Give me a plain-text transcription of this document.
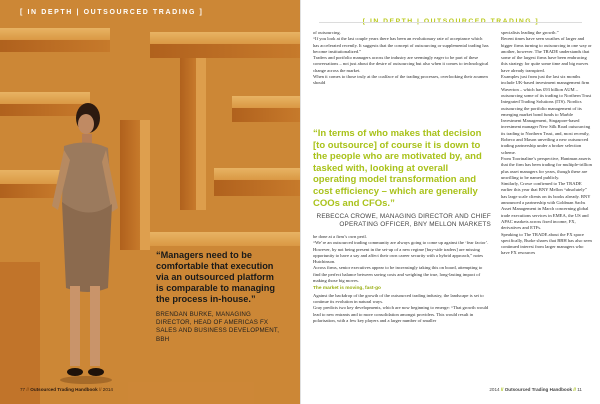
[ IN DEPTH | OUTSOURCED TRADING ]
“Managers need to be comfortable that execution via an outsourced platform is comparable to managing the process in-house.”
BRENDAN BURKE, MANAGING DIRECTOR, HEAD OF AMERICAS FX SALES AND BUSINESS DEVELOPMENT, BBH
77 // Outsourced Trading Handbook // 2014

of outsourcing.

“If you look at the last couple years there has been an evolutionary rate of acceptance which has accelerated recently. It suggests that the concept of outsourcing or supplemental trading has become institutionalized.”

Traders and portfolio managers across the industry are seemingly eager to be part of these conversations – not just about the desire of outsourcing but also when it comes to technological change across the market.

When it comes to those truly at the coalface of the trading processes, overlooking their acumen should

“In terms of who makes that decision [to outsource] of course it is down to the people who are motivated by, and tasked with, looking at overall operating model transformation and cost efficiency – which are generally COOs and CFOs.”
REBECCA CROWE, MANAGING DIRECTOR AND CHIEF OPERATING OFFICER, BNY MELLON MARKETS

be done at a firm’s own peril.

“We’re an outsourced trading community are always going to come up against the ‘fear factor’. However, by not being present in the set-up of a new regime [buy-side traders] are missing opportunity to have a say and affect their own career security with a hybrid approach,” notes Hutchinson.

Across firms, senior executives appear to be increasingly taking this on board, attempting to find the perfect balance between saving costs and weighing the true, long-lasting impact of making those big moves.

The market is moving, fast-go

Against the backdrop of the growth of the outsourced trading industry, the landscape is set to continue its evolution in natural ways.

Gray predicts two key developments, which are now beginning to emerge: “That growth would lead to new entrants and to more consolidation amongst providers. This would result in polarisation, with a few key players and a larger number of smaller

specialists leading the growth.”

Recent times have seen swathes of larger and bigger firms turning to outsourcing in one way or another, however. The TRADE understands that some of the largest firms have been embracing this strategy for quite some time and big moves have already transpired.

Examples just from just the last six months include UK-based investment management firm Waverton – which has £93 billion AUM – outsourcing some of its trading to Northern Trust Integrated Trading Solutions (ITS). Nordics outsourcing the portfolio management of its emerging market bond funds to Marble Investment Management, Singapore-based investment manager New Silk Road outsourcing its trading to Northern Trust, and, most recently, Robeco and Mason unveiling a new outsourced trading partnership under a broker selection scheme.

From Toorinaline’s perspective, Hantman asserts that the firm has been trading for multiple-trillion plus asset managers for years, though these are unwilling to be named publicly.

Similarly, Crowe confirmed to The TRADE earlier this year that BNY Mellon “absolutely” has large scale clients on its books already. BNY announced a partnership with Goldman Sachs Asset Management in March concerning global trade executions services in EMEA, the US and APAC markets across fixed income, FX, derivatives and ETFs.

Speaking to The TRADE about the FX space specifically, Burke shares that BBH has also seen continued interest from larger managers who have FX resources

2014 // Outsourced Trading Handbook // 11
